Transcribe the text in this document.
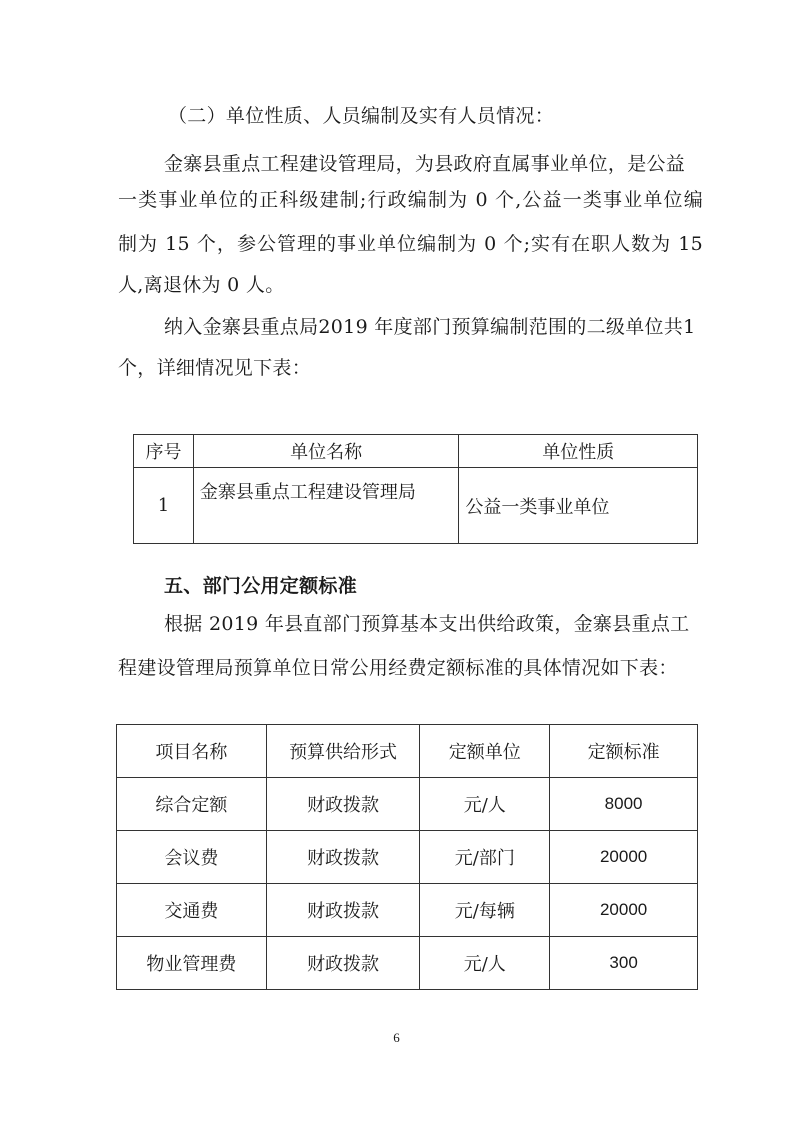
（二）单位性质、人员编制及实有人员情况：
金寨县重点工程建设管理局，为县政府直属事业单位，是公益
一类事业单位的正科级建制;行政编制为 0 个,公益一类事业单位编
制为 15 个，参公管理的事业单位编制为 0 个;实有在职人数为 15
人,离退休为 0 人。
纳入金寨县重点局2019 年度部门预算编制范围的二级单位共1
个，详细情况见下表：
序号	单位名称	单位性质
1	金寨县重点工程建设管理局	公益一类事业单位
五、部门公用定额标准
根据 2019 年县直部门预算基本支出供给政策，金寨县重点工
程建设管理局预算单位日常公用经费定额标准的具体情况如下表：
项目名称	预算供给形式	定额单位	定额标准
综合定额	财政拨款	元/人	8000
会议费	财政拨款	元/部门	20000
交通费	财政拨款	元/每辆	20000
物业管理费	财政拨款	元/人	300
6
